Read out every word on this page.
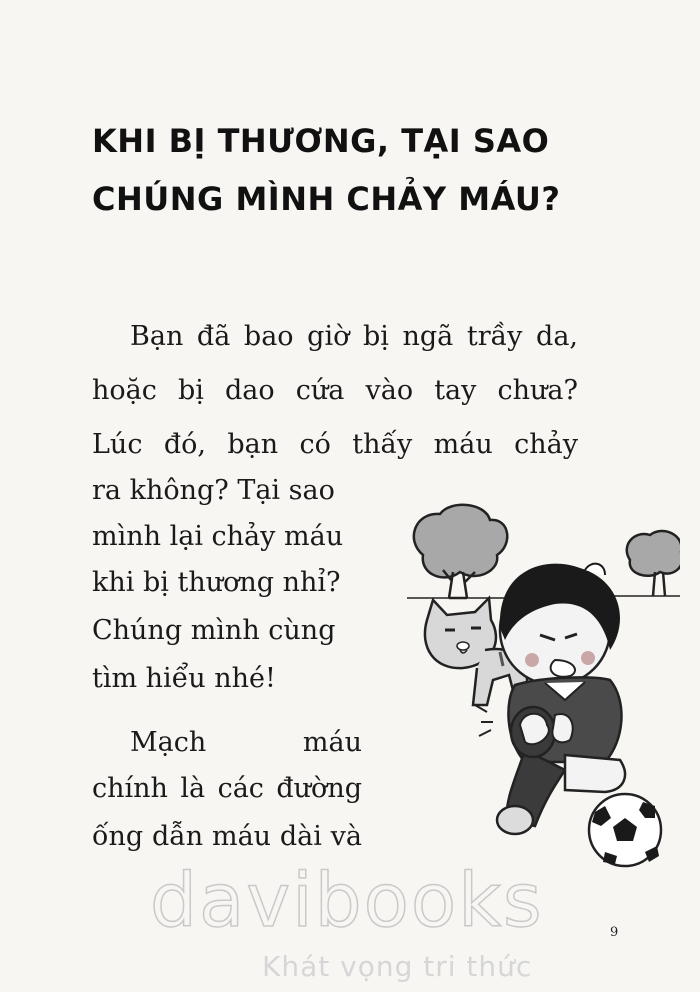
KHI BỊ THƯƠNG, TẠI SAO
CHÚNG MÌNH CHẢY MÁU?
Bạn đã bao giờ bị ngã trầy da,
hoặc bị dao cứa vào tay chưa?
Lúc đó, bạn có thấy máu chảy
ra không? Tại sao
mình lại chảy máu
khi bị thương nhỉ?
Chúng mình cùng
tìm hiểu nhé!
Mạch máu
chính là các đường
ống dẫn máu dài và
9
davibooks
Khát vọng tri thức
